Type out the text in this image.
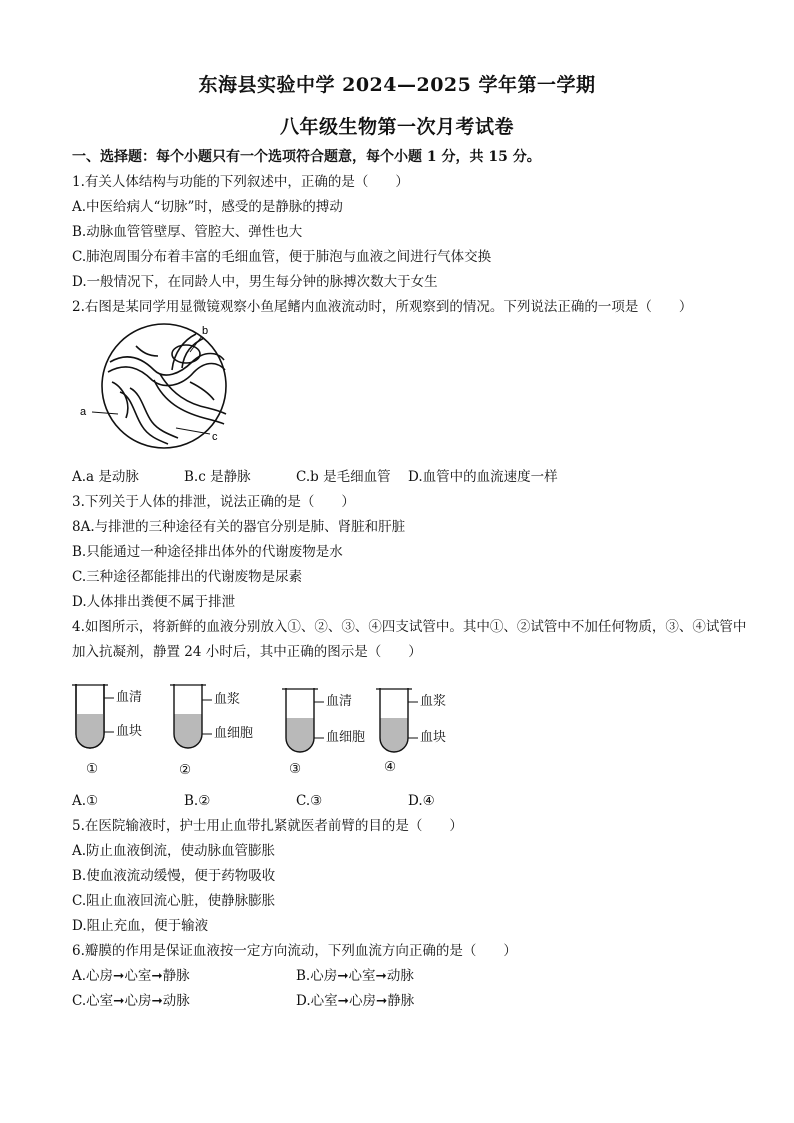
东海县实验中学 2024—2025 学年第一学期
八年级生物第一次月考试卷
一、选择题：每个小题只有一个选项符合题意，每个小题 1 分，共 15 分。
1.有关人体结构与功能的下列叙述中，正确的是（　　）
A.中医给病人“切脉”时，感受的是静脉的搏动
B.动脉血管管壁厚、管腔大、弹性也大
C.肺泡周围分布着丰富的毛细血管，便于肺泡与血液之间进行气体交换
D.一般情况下，在同龄人中，男生每分钟的脉搏次数大于女生
2.右图是某同学用显微镜观察小鱼尾鳍内血液流动时，所观察到的情况。下列说法正确的一项是（　　）
b
a
c
A.a 是动脉	B.c 是静脉	C.b 是毛细血管 D.血管中的血流速度一样
3.下列关于人体的排泄，说法正确的是（　　）
8A.与排泄的三种途径有关的器官分别是肺、肾脏和肝脏
B.只能通过一种途径排出体外的代谢废物是水
C.三种途径都能排出的代谢废物是尿素
D.人体排出粪便不属于排泄
4.如图所示，将新鲜的血液分别放入①、②、③、④四支试管中。其中①、②试管中不加任何物质，③、④试管中
加入抗凝剂，静置 24 小时后，其中正确的图示是（　　）
血清
血块
①
血浆
血细胞
②
血清
血细胞
③
血浆
血块
④
A.①	B.②	C.③	D.④
5.在医院输液时，护士用止血带扎紧就医者前臂的目的是（　　）
A.防止血液倒流，使动脉血管膨胀
B.使血液流动缓慢，便于药物吸收
C.阻止血液回流心脏，使静脉膨胀
D.阻止充血，便于输液
6.瓣膜的作用是保证血液按一定方向流动，下列血流方向正确的是（　　）
A.心房➞心室➞静脉	B.心房➞心室➞动脉
C.心室➞心房➞动脉	D.心室➞心房➞静脉
